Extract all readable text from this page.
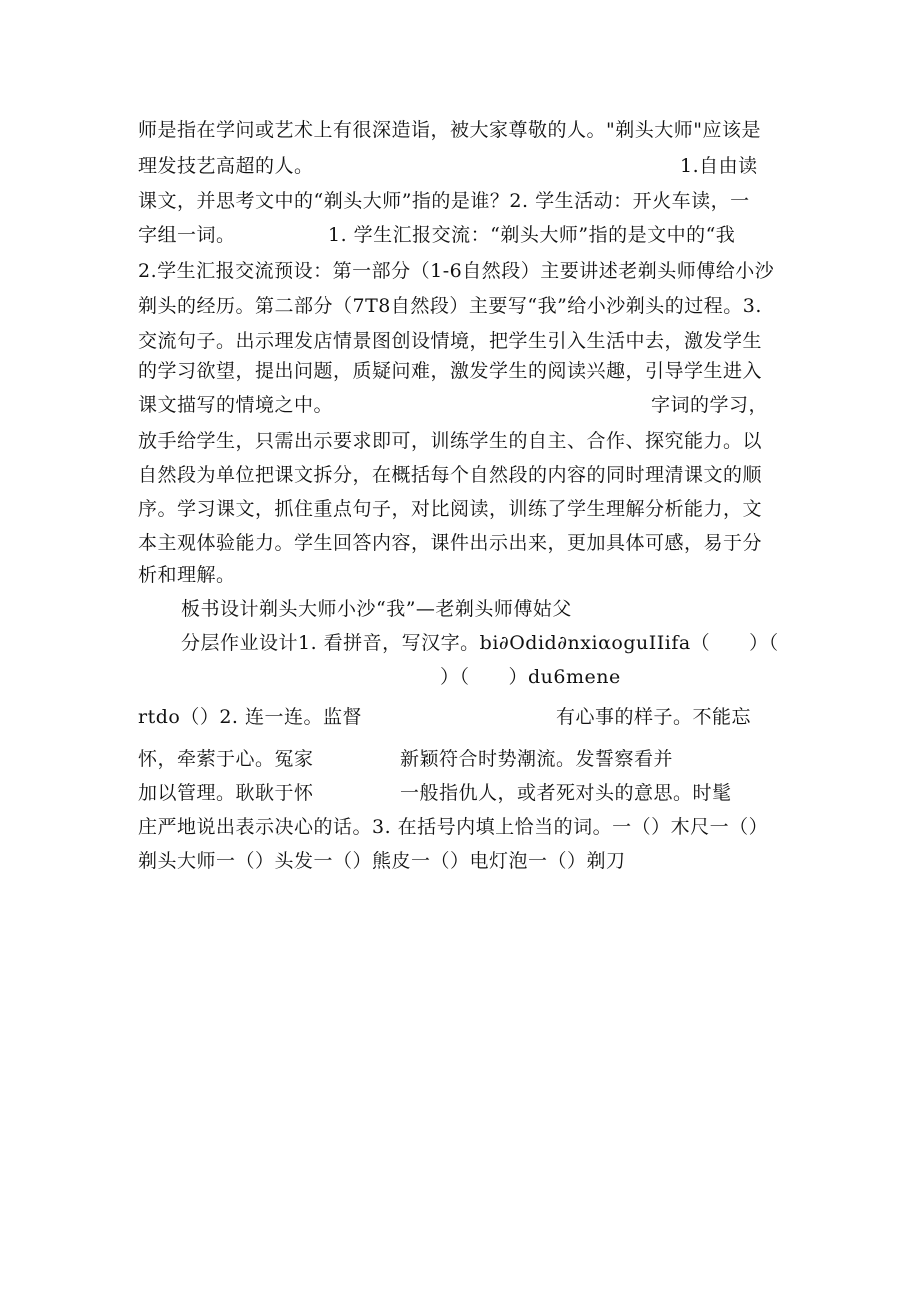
师是指在学问或艺术上有很深造诣，被大家尊敬的人。"剃头大师"应该是
理发技艺高超的人。	1.自由读
课文，并思考文中的“剃头大师”指的是谁？2. 学生活动：开火车读，一
字组一词。	1. 学生汇报交流：“剃头大师”指的是文中的“我
2.学生汇报交流预设：第一部分（1-6自然段）主要讲述老剃头师傅给小沙
剃头的经历。第二部分（7T8自然段）主要写“我”给小沙剃头的过程。3.
交流句子。出示理发店情景图创设情境，把学生引入生活中去，激发学生
的学习欲望，提出问题，质疑问难，激发学生的阅读兴趣，引导学生进入
课文描写的情境之中。	字词的学习，
放手给学生，只需出示要求即可，训练学生的自主、合作、探究能力。以
自然段为单位把课文拆分，在概括每个自然段的内容的同时理清课文的顺
序。学习课文，抓住重点句子，对比阅读，训练了学生理解分析能力，文
本主观体验能力。学生回答内容，课件出示出来，更加具体可感，易于分
析和理解。
板书设计剃头大师小沙“我”—老剃头师傅姑父
分层作业设计1. 看拼音，写汉字。bi∂Odid∂nxiαoguIIifa（　　）（
）（　　）du6mene
rtdo（）2. 连一连。监督	有心事的样子。不能忘
怀，牵萦于心。冤家	新颖符合时势潮流。发誓察看并
加以管理。耿耿于怀	一般指仇人，或者死对头的意思。时髦
庄严地说出表示决心的话。3. 在括号内填上恰当的词。一（）木尺一（）
剃头大师一（）头发一（）熊皮一（）电灯泡一（）剃刀
